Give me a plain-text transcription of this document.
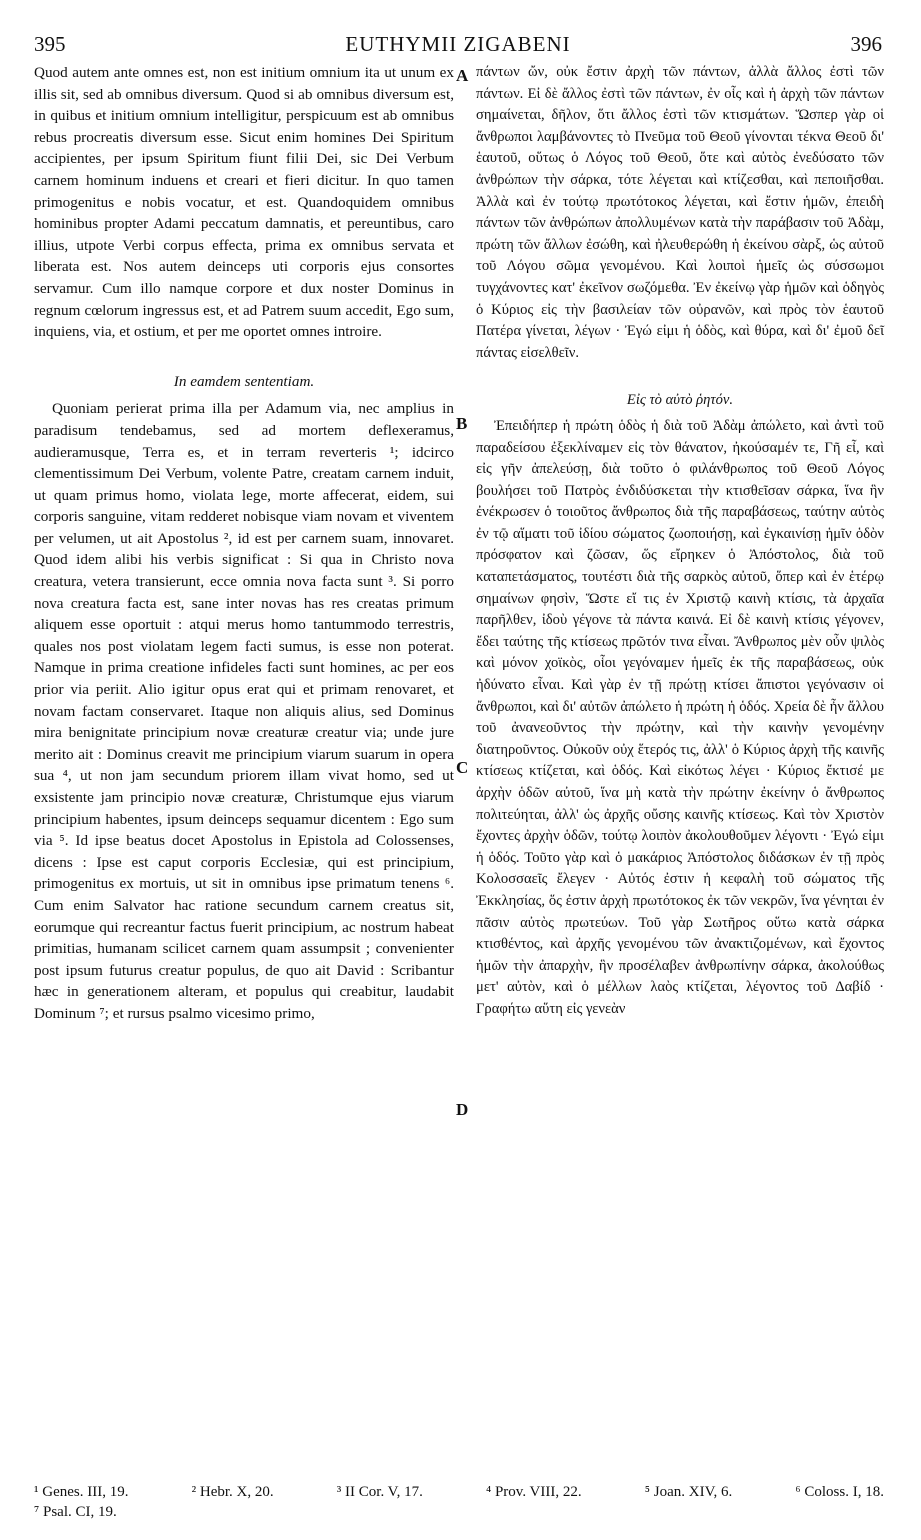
395	EUTHYMII ZIGABENI	396

Quod autem ante omnes est, non est initium omnium ita ut unum ex illis sit, sed ab omnibus diversum. Quod si ab omnibus diversum est, in quibus et initium omnium intelligitur, perspicuum est ab omnibus rebus procreatis diversum esse. Sicut enim homines Dei Spiritum accipientes, per ipsum Spiritum fiunt filii Dei, sic Dei Verbum carnem hominum induens et creari et fieri dicitur. In quo tamen primogenitus e nobis vocatur, et est. Quandoquidem omnibus hominibus propter Adami peccatum damnatis, et pereuntibus, caro illius, utpote Verbi corpus effecta, prima ex omnibus servata et liberata est. Nos autem deinceps uti corporis ejus consortes servamur. Cum illo namque corpore et dux noster Dominus in regnum cœlorum ingressus est, et ad Patrem suum accedit, Ego sum, inquiens, via, et ostium, et per me oportet omnes introire.

In eamdem sententiam.

Quoniam perierat prima illa per Adamum via, nec amplius in paradisum tendebamus, sed ad mortem deflexeramus, audieramusque, Terra es, et in terram reverteris ¹; idcirco clementissimum Dei Verbum, volente Patre, creatam carnem induit, ut quam primus homo, violata lege, morte affecerat, eidem, sui corporis sanguine, vitam redderet nobisque viam novam et viventem per velumen, ut ait Apostolus ², id est per carnem suam, innovaret. Quod idem alibi his verbis significat : Si qua in Christo nova creatura, vetera transierunt, ecce omnia nova facta sunt ³. Si porro nova creatura facta est, sane inter novas has res creatas primum aliquem esse oportuit : atqui merus homo tantummodo terrestris, quales nos post violatam legem facti sumus, is esse non poterat. Namque in prima creatione infideles facti sunt homines, ac per eos prior via periit. Alio igitur opus erat qui et primam renovaret, et novam factam conservaret. Itaque non aliquis alius, sed Dominus mira benignitate principium novæ creaturæ creatur via; unde jure merito ait : Dominus creavit me principium viarum suarum in opera sua ⁴, ut non jam secundum priorem illam vivat homo, sed ut exsistente jam principio novæ creaturæ, Christumque ejus viarum principium habentes, ipsum deinceps sequamur dicentem : Ego sum via ⁵. Id ipse beatus docet Apostolus in Epistola ad Colossenses, dicens : Ipse est caput corporis Ecclesiæ, qui est principium, primogenitus ex mortuis, ut sit in omnibus ipse primatum tenens ⁶. Cum enim Salvator hac ratione secundum carnem creatus sit, eorumque qui recreantur factus fuerit principium, ac nostrum habeat primitias, humanam scilicet carnem quam assumpsit ; convenienter post ipsum futurus creatur populus, de quo ait David : Scribantur hæc in generationem alteram, et populus qui creabitur, laudabit Dominum ⁷; et rursus psalmo vicesimo primo,

A
B
C
D

πάντων ὤν, οὐκ ἔστιν ἀρχὴ τῶν πάντων, ἀλλὰ ἄλλος ἐστὶ τῶν πάντων. Εἰ δὲ ἄλλος ἐστὶ τῶν πάντων, ἐν οἷς καὶ ἡ ἀρχὴ τῶν πάντων σημαίνεται, δῆλον, ὅτι ἄλλος ἐστὶ τῶν κτισμάτων. Ὥσπερ γὰρ οἱ ἄνθρωποι λαμβάνοντες τὸ Πνεῦμα τοῦ Θεοῦ γίνονται τέκνα Θεοῦ δι' ἑαυτοῦ, οὕτως ὁ Λόγος τοῦ Θεοῦ, ὅτε καὶ αὐτὸς ἐνεδύσατο τῶν ἀνθρώπων τὴν σάρκα, τότε λέγεται καὶ κτίζεσθαι, καὶ πεποιῆσθαι. Ἀλλὰ καὶ ἐν τούτῳ πρωτότοκος λέγεται, καὶ ἔστιν ἡμῶν, ἐπειδὴ πάντων τῶν ἀνθρώπων ἀπολλυμένων κατὰ τὴν παράβασιν τοῦ Ἀδὰμ, πρώτη τῶν ἄλλων ἐσώθη, καὶ ἠλευθερώθη ἡ ἐκείνου σὰρξ, ὡς αὐτοῦ τοῦ Λόγου σῶμα γενομένου. Καὶ λοιποὶ ἡμεῖς ὡς σύσσωμοι τυγχάνοντες κατ' ἐκεῖνον σωζόμεθα. Ἐν ἐκείνῳ γὰρ ἡμῶν καὶ ὁδηγὸς ὁ Κύριος εἰς τὴν βασιλείαν τῶν οὐρανῶν, καὶ πρὸς τὸν ἑαυτοῦ Πατέρα γίνεται, λέγων · Ἐγώ εἰμι ἡ ὁδὸς, καὶ θύρα, καὶ δι' ἐμοῦ δεῖ πάντας εἰσελθεῖν.

Εἰς τὸ αὐτὸ ῥητόν.

Ἐπειδήπερ ἡ πρώτη ὁδὸς ἡ διὰ τοῦ Ἀδὰμ ἀπώλετο, καὶ ἀντὶ τοῦ παραδείσου ἐξεκλίναμεν εἰς τὸν θάνατον, ἠκούσαμέν τε, Γῆ εἶ, καὶ εἰς γῆν ἀπελεύσῃ, διὰ τοῦτο ὁ φιλάνθρωπος τοῦ Θεοῦ Λόγος βουλήσει τοῦ Πατρὸς ἐνδιδύσκεται τὴν κτισθεῖσαν σάρκα, ἵνα ἣν ἐνέκρωσεν ὁ τοιοῦτος ἄνθρωπος διὰ τῆς παραβάσεως, ταύτην αὐτὸς ἐν τῷ αἵματι τοῦ ἰδίου σώματος ζωοποιήσῃ, καὶ ἐγκαινίσῃ ἡμῖν ὁδὸν πρόσφατον καὶ ζῶσαν, ὥς εἴρηκεν ὁ Ἀπόστολος, διὰ τοῦ καταπετάσματος, τουτέστι διὰ τῆς σαρκὸς αὐτοῦ, ὅπερ καὶ ἐν ἑτέρῳ σημαίνων φησὶν, Ὥστε εἴ τις ἐν Χριστῷ καινὴ κτίσις, τὰ ἀρχαῖα παρῆλθεν, ἰδοὺ γέγονε τὰ πάντα καινά. Εἰ δὲ καινὴ κτίσις γέγονεν, ἔδει ταύτης τῆς κτίσεως πρῶτόν τινα εἶναι. Ἄνθρωπος μὲν οὖν ψιλὸς καὶ μόνον χοϊκὸς, οἷοι γεγόναμεν ἡμεῖς ἐκ τῆς παραβάσεως, οὐκ ἠδύνατο εἶναι. Καὶ γὰρ ἐν τῇ πρώτῃ κτίσει ἄπιστοι γεγόνασιν οἱ ἄνθρωποι, καὶ δι' αὐτῶν ἀπώλετο ἡ πρώτη ἡ ὁδός. Χρεία δὲ ἦν ἄλλου τοῦ ἀνανεοῦντος τὴν πρώτην, καὶ τὴν καινὴν γενομένην διατηροῦντος. Οὐκοῦν οὐχ ἕτερός τις, ἀλλ' ὁ Κύριος ἀρχὴ τῆς καινῆς κτίσεως κτίζεται, καὶ ὁδός. Καὶ εἰκότως λέγει · Κύριος ἔκτισέ με ἀρχὴν ὁδῶν αὐτοῦ, ἵνα μὴ κατὰ τὴν πρώτην ἐκείνην ὁ ἄνθρωπος πολιτεύηται, ἀλλ' ὡς ἀρχῆς οὔσης καινῆς κτίσεως. Καὶ τὸν Χριστὸν ἔχοντες ἀρχὴν ὁδῶν, τούτῳ λοιπὸν ἀκολουθοῦμεν λέγοντι · Ἐγώ εἰμι ἡ ὁδός. Τοῦτο γὰρ καὶ ὁ μακάριος Ἀπόστολος διδάσκων ἐν τῇ πρὸς Κολοσσαεῖς ἔλεγεν · Αὐτός ἐστιν ἡ κεφαλὴ τοῦ σώματος τῆς Ἐκκλησίας, ὅς ἐστιν ἀρχὴ πρωτότοκος ἐκ τῶν νεκρῶν, ἵνα γένηται ἐν πᾶσιν αὐτὸς πρωτεύων. Τοῦ γὰρ Σωτῆρος οὕτω κατὰ σάρκα κτισθέντος, καὶ ἀρχῆς γενομένου τῶν ἀνακτιζομένων, καὶ ἔχοντος ἡμῶν τὴν ἀπαρχὴν, ἣν προσέλαβεν ἀνθρωπίνην σάρκα, ἀκολούθως μετ' αὐτὸν, καὶ ὁ μέλλων λαὸς κτίζεται, λέγοντος τοῦ Δαβίδ · Γραφήτω αὕτη εἰς γενεὰν

¹ Genes. III, 19.	² Hebr. X, 20.	³ II Cor. V, 17.	⁴ Prov. VIII, 22.	⁵ Joan. XIV, 6.	⁶ Coloss. I, 18.
⁷ Psal. CI, 19.
